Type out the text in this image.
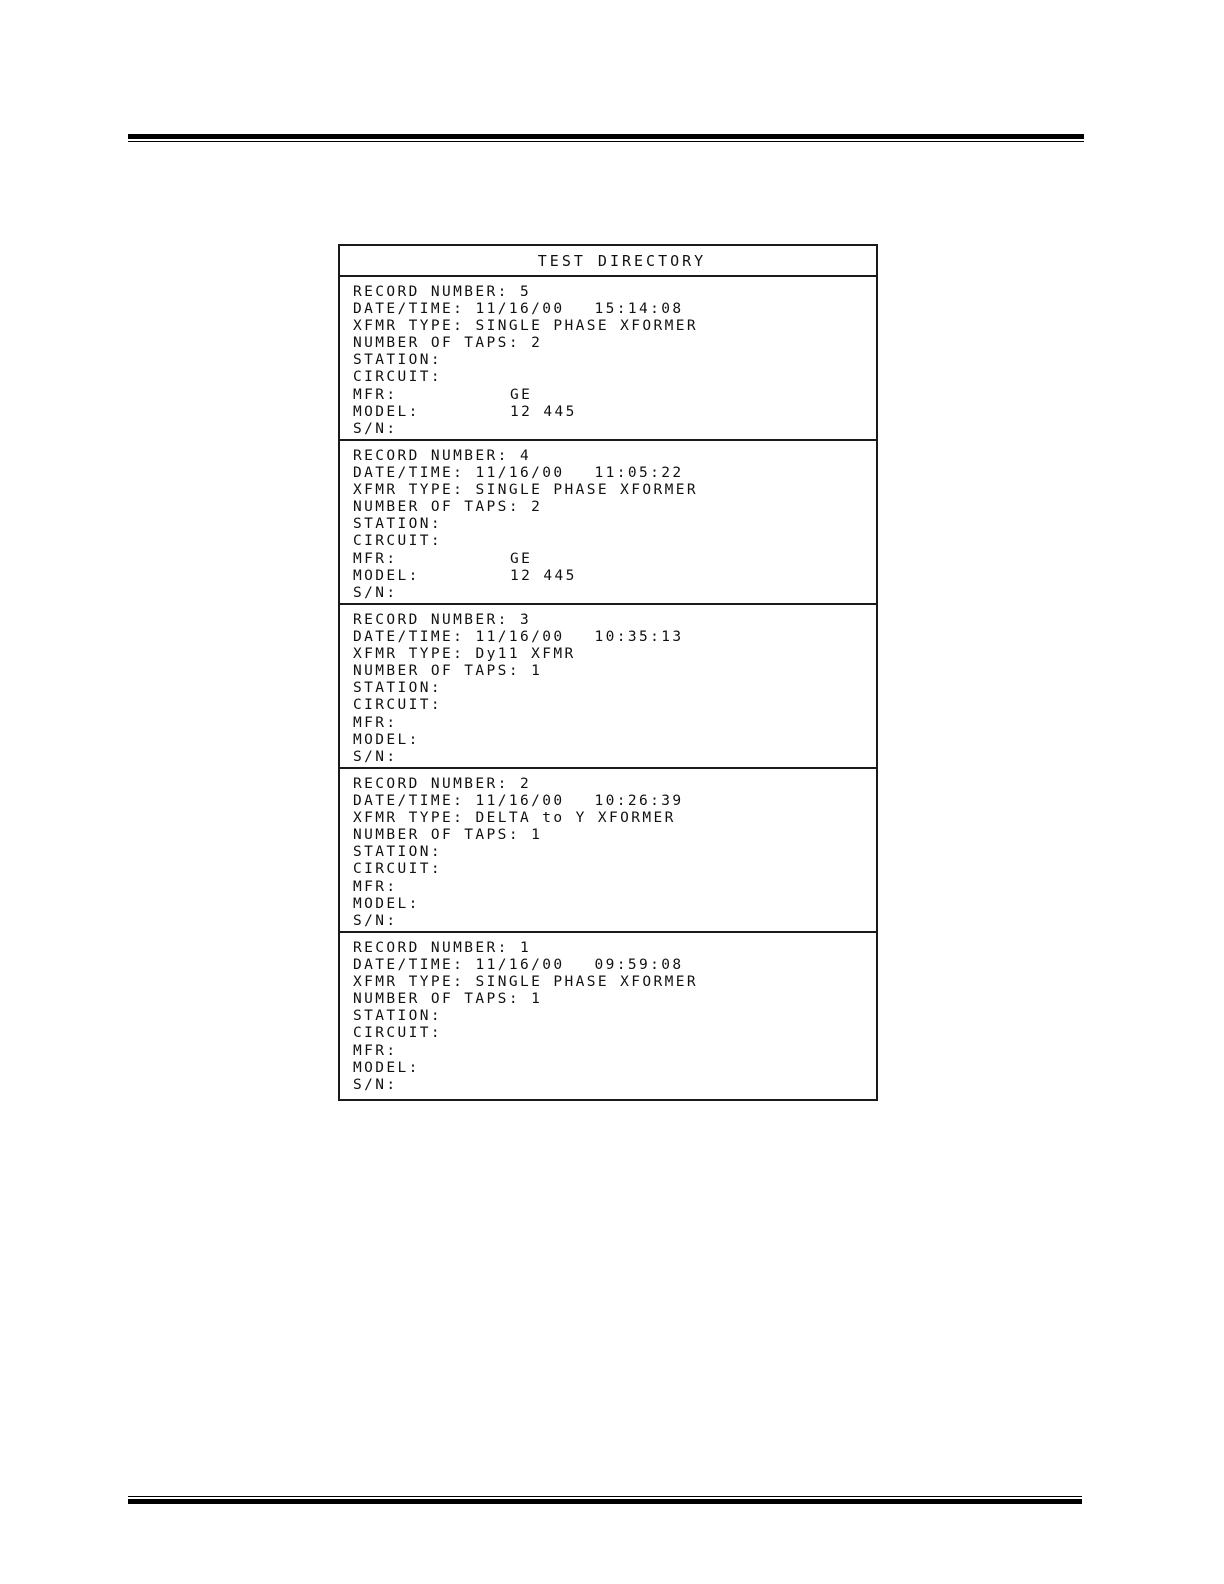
TEST DIRECTORY
RECORD NUMBER: 5
DATE/TIME: 11/16/00 15:14:08
XFMR TYPE: SINGLE PHASE XFORMER
NUMBER OF TAPS: 2
STATION:
CIRCUIT:
MFR:	GE
MODEL:	12 445
S/N:
RECORD NUMBER: 4
DATE/TIME: 11/16/00 11:05:22
XFMR TYPE: SINGLE PHASE XFORMER
NUMBER OF TAPS: 2
STATION:
CIRCUIT:
MFR:	GE
MODEL:	12 445
S/N:
RECORD NUMBER: 3
DATE/TIME: 11/16/00 10:35:13
XFMR TYPE: Dy11 XFMR
NUMBER OF TAPS: 1
STATION:
CIRCUIT:
MFR:
MODEL:
S/N:
RECORD NUMBER: 2
DATE/TIME: 11/16/00 10:26:39
XFMR TYPE: DELTA to Y XFORMER
NUMBER OF TAPS: 1
STATION:
CIRCUIT:
MFR:
MODEL:
S/N:
RECORD NUMBER: 1
DATE/TIME: 11/16/00 09:59:08
XFMR TYPE: SINGLE PHASE XFORMER
NUMBER OF TAPS: 1
STATION:
CIRCUIT:
MFR:
MODEL:
S/N:
